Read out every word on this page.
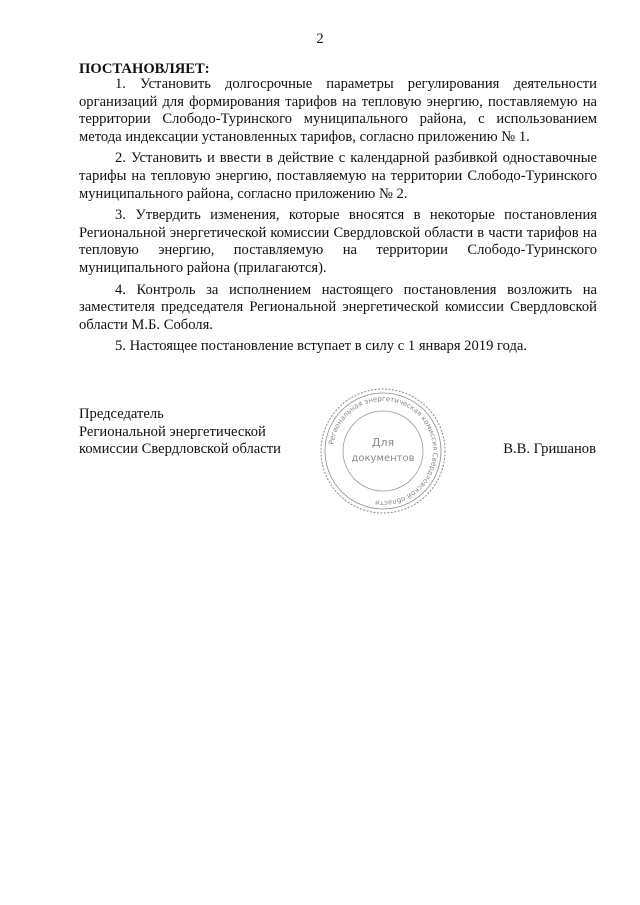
2
ПОСТАНОВЛЯЕТ:

1. Установить долгосрочные параметры регулирования деятельности организаций для формирования тарифов на тепловую энергию, поставляемую на территории Слободо-Туринского муниципального района, с использованием метода индексации установленных тарифов, согласно приложению № 1.

2. Установить и ввести в действие с календарной разбивкой одноставочные тарифы на тепловую энергию, поставляемую на территории Слободо-Туринского муниципального района, согласно приложению № 2.

3. Утвердить изменения, которые вносятся в некоторые постановления Региональной энергетической комиссии Свердловской области в части тарифов на тепловую энергию, поставляемую на территории Слободо-Туринского муниципального района (прилагаются).

4. Контроль за исполнением настоящего постановления возложить на заместителя председателя Региональной энергетической комиссии Свердловской области М.Б. Соболя.

5. Настоящее постановление вступает в силу с 1 января 2019 года.

Председатель
Региональной энергетической
комиссии Свердловской области	Региональная энергетическая комиссия Свердловской области
Для
документов
В.В. Гришанов
